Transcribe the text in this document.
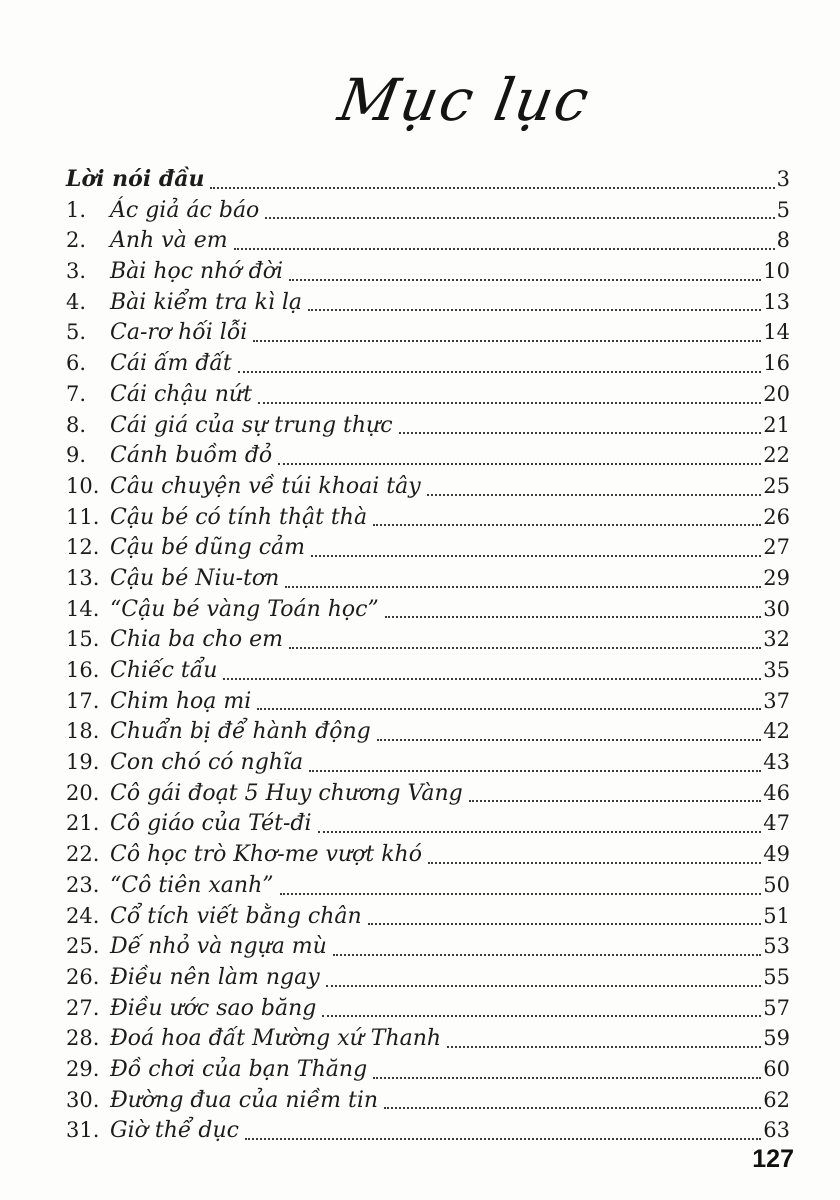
Mục lục
Lời nói đầu	3
1.	Ác giả ác báo	5
2.	Anh và em	8
3.	Bài học nhớ đời	10
4.	Bài kiểm tra kì lạ	13
5.	Ca-rơ hối lỗi	14
6.	Cái ấm đất	16
7.	Cái chậu nứt	20
8.	Cái giá của sự trung thực	21
9.	Cánh buồm đỏ	22
10. Câu chuyện về túi khoai tây	25
11. Cậu bé có tính thật thà	26
12. Cậu bé dũng cảm	27
13. Cậu bé Niu-tơn	29
14. “Cậu bé vàng Toán học”	30
15. Chia ba cho em	32
16. Chiếc tẩu	35
17. Chim hoạ mi	37
18. Chuẩn bị để hành động	42
19. Con chó có nghĩa	43
20. Cô gái đoạt 5 Huy chương Vàng	46
21. Cô giáo của Tét-đi	47
22. Cô học trò Khơ-me vượt khó	49
23. “Cô tiên xanh”	50
24. Cổ tích viết bằng chân	51
25. Dế nhỏ và ngựa mù	53
26. Điều nên làm ngay	55
27. Điều ước sao băng	57
28. Đoá hoa đất Mường xứ Thanh	59
29. Đồ chơi của bạn Thăng	60
30. Đường đua của niềm tin	62
31. Giờ thể dục	63
127
